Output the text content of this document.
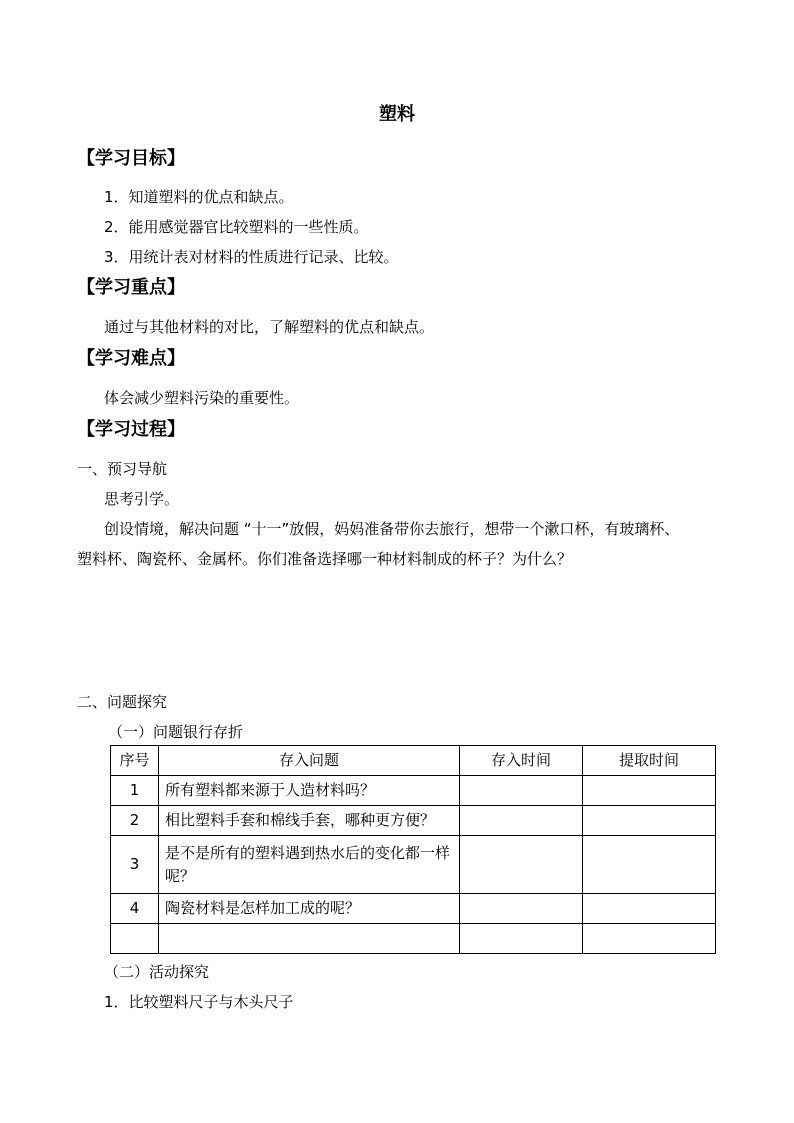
塑料
【学习目标】
1．知道塑料的优点和缺点。
2．能用感觉器官比较塑料的一些性质。
3．用统计表对材料的性质进行记录、比较。
【学习重点】
通过与其他材料的对比，了解塑料的优点和缺点。
【学习难点】
体会减少塑料污染的重要性。
【学习过程】
一、预习导航
思考引学。
创设情境，解决问题 “十一”放假，妈妈准备带你去旅行，想带一个漱口杯，有玻璃杯、
塑料杯、陶瓷杯、金属杯。你们准备选择哪一种材料制成的杯子？为什么？
二、问题探究
（一）问题银行存折
序号	存入问题	存入时间	提取时间
1	所有塑料都来源于人造材料吗？		
2	相比塑料手套和棉线手套，哪种更方便？		
3	是不是所有的塑料遇到热水后的变化都一样呢？		
4	陶瓷材料是怎样加工成的呢？		

（二）活动探究
1．比较塑料尺子与木头尺子
